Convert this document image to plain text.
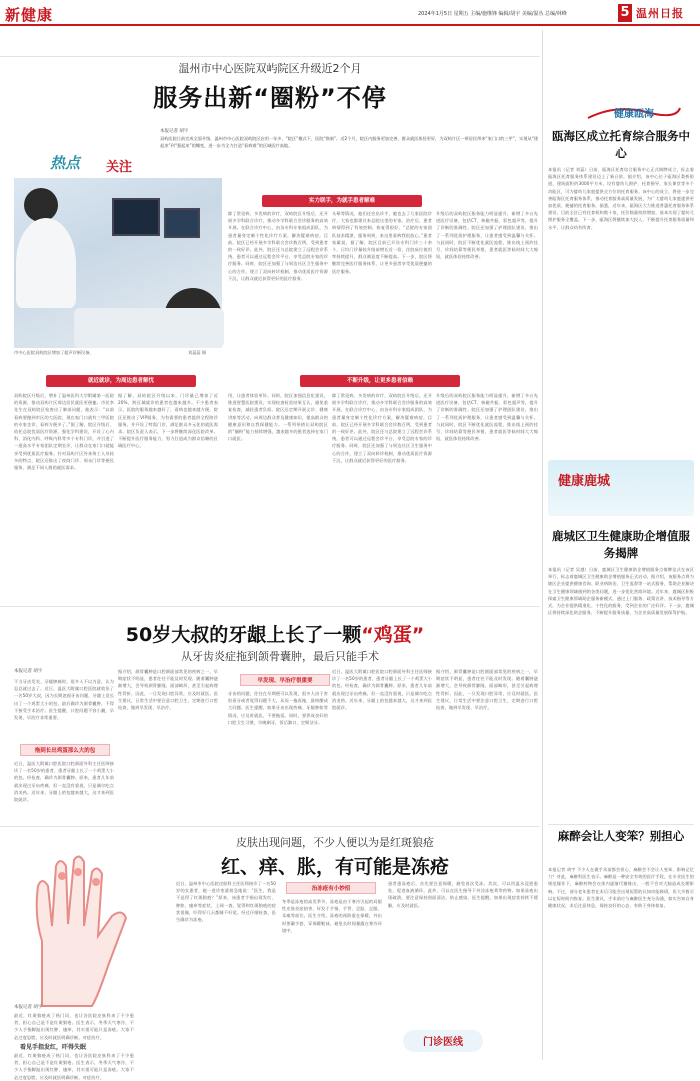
新健康	2024年1月5日 星期五 主编/施继锋 编辑/胡宇 美编/温丛 总编/林峰	5 温州日报
温州市中心医院双屿院区升级近2个月
服务出新“圈粉”不停
本报记者 胡宇
双屿医院日前完成全面升级，温州市中心医院双屿院区启用一年多，“院区”模式下，医院“换新”。近2个月，院区内服务更加完善，群众就医体验更好，为双屿片区一带居民带来“家门口的三甲”，实现从“建起来”到“强起来”的蝶变，进一步为全力打造“看病难”的区域医疗高地。
热点 关注
市中心医院双屿院区增加了超声诊断设备。	刘蕊蕊 摄
实力联手，为就手患者解难
就近就诊，为周边患者解忧	不断升级，让更多患者信赖
除了常见病、多发病的诊疗，双屿院区升级后，还开展多学科联合诊疗，推动多学科联合会诊服务的高效开展。在联合诊疗中心，由各专科专家组成团队，为患者量身定制个性化诊疗方案，解决疑难病症。目前，院区已经开展多学科联合会诊数百例，受到患者的一致好评。此外，院区还与总院建立了远程会诊系统，患者可以通过远程会诊平台，享受总院专家的诊疗服务。同时，院区还加强了与周边社区卫生服务中心的合作，建立了双向转诊机制，推动优质医疗资源下沉，让群众就近获得更好的医疗服务。
头晕等情况，他们还会出诊手，她也去了几家医院诊疗，大家也都建议来总院这里的专家。治疗后，患者病情得到了有效控制，恢复得很好。“总院的专家团队技术精湛，服务周到，来这里看病我很放心。”患者家属说。据了解，院区目前已开设专科门诊三十余个，日均门诊量较升级前增长近一倍，住院床位使用率持续提升，群众满意度不断提高。下一步，院区将继续完善医疗服务体系，让更多患者享受优质便捷的医疗服务。
升级后的双屿院区服务能力明显提升，新增了多台先进医疗设备，包括CT、核磁共振、彩色超声等，提升了诊断的准确性。院区还加强了护理团队建设，推出了一系列优质护理服务，让患者感受到温馨与关怀。与此同时，院区不断优化就医流程，推出线上预约挂号、诊间结算等便民举措，患者就医等候时间大大缩短，就医体验持续改善。
双屿院区升级后，增补了温州医科大学附属第一医院的资源，推动双屿片区周边居民就医更便捷。市民李先生在双屿院区检查出了肺部问题，他表示：“以前看病要跑到市区的大医院，现在家门口就有三甲医院的专家坐诊，看病方便多了。”据了解，院区升级后，依托总院优质医疗资源，强化学科建设，开设了心内科、消化内科、呼吸内科等多个专科门诊，并引进了一批高水平专家团队定期坐诊，让群众在家门口就能享受到优质医疗服务。针对双屿片区外来务工人员较多的特点，院区还推出了夜间门诊、周末门诊等便民服务，满足不同人群的就医需求。
据了解，双屿院区升级以来，门诊量已增加了近20%，跨区域就诊的患者也越来越多。不少患者表示，医院的服务越来越好了，看病也越来越方便。院区还推出了VIP服务，为有需要的患者提供全程陪诊服务，并开设了特需门诊，满足群众多元化的就医需求。院区负责人表示，下一步将继续深化医院改革，不断提升医疗服务能力，努力打造成为群众信赖的区域医疗中心。
用，让患者体验更好。同时，院区加强信息化建设，推进智慧医院建设，实现检查检验结果互认，避免重复检查，减轻患者负担。院区还定期开展义诊、健康讲座等活动，向周边群众普及健康知识，提高群众的健康意识和自我保健能力。一系列举措让双屿院区的“圈粉”能力持续增强，越来越多的患者选择在家门口就医。
除了常见病、多发病的诊疗，双屿院区升级后，还开展多学科联合诊疗，推动多学科联合会诊服务的高效开展。在联合诊疗中心，由各专科专家组成团队，为患者量身定制个性化诊疗方案，解决疑难病症。目前，院区已经开展多学科联合会诊数百例，受到患者的一致好评。此外，院区还与总院建立了远程会诊系统，患者可以通过远程会诊平台，享受总院专家的诊疗服务。同时，院区还加强了与周边社区卫生服务中心的合作，建立了双向转诊机制，推动优质医疗资源下沉，让群众就近获得更好的医疗服务。
升级后的双屿院区服务能力明显提升，新增了多台先进医疗设备，包括CT、核磁共振、彩色超声等，提升了诊断的准确性。院区还加强了护理团队建设，推出了一系列优质护理服务，让患者感受到温馨与关怀。与此同时，院区不断优化就医流程，推出线上预约挂号、诊间结算等便民举措，患者就医等候时间大大缩短，就医体验持续改善。
50岁大叔的牙龈上长了一颗“鸡蛋”
从牙齿炎症拖到颌骨囊肿，最后只能手术
本报记者 胡宇
不当牙齿发炎、牙龈肿痛时，很多人不以为意，认为忍忍就过去了。近日，温医大附属口腔医院就收治了一名50岁大叔，因为长期忽视牙齿问题，牙龈上竟长出了一个鸡蛋大小的包，最后确诊为颌骨囊肿，不得不接受手术治疗。医生提醒，口腔问题不容小觑，早发现、早治疗非常重要。
拖到长出鸡蛋那么大的包
近日，温医大附属口腔医院口腔颌面外科主任医师接诊了一名50岁的患者，患者牙龈上长了一个鸡蛋大小的包。经检查，确诊为颌骨囊肿。原来，患者几年前就出现过牙齿疼痛，但一直没有重视，只是偶尔吃点消炎药。近年来，牙龈上的包越来越大，这才来到医院就诊。
据介绍，颌骨囊肿是口腔颌面部常见的疾病之一，早期症状不明显，患者往往不能及时发现。随着囊肿逐渐增大，会导致颌骨膨隆、面部畸形，甚至引起病理性骨折。因此，一旦发现口腔异常，应及时就医。医生建议，日常生活中要注意口腔卫生，定期进行口腔检查，做到早发现、早治疗。
早发现、早治疗很重要
牙齿的问题，往往在早期便可以发现，很多人由于害怕看牙或者觉得问题不大，从而一拖再拖，最终酿成大问题。医生提醒，如果牙齿出现疼痛、牙龈肿胀等情况，应及时就医，不要拖延。同时，要养成良好的口腔卫生习惯，早晚刷牙，饭后漱口，定期洁牙。
近日，温医大附属口腔医院口腔颌面外科主任医师接诊了一名50岁的患者，患者牙龈上长了一个鸡蛋大小的包。经检查，确诊为颌骨囊肿。原来，患者几年前就出现过牙齿疼痛，但一直没有重视，只是偶尔吃点消炎药。近年来，牙龈上的包越来越大，这才来到医院就诊。
据介绍，颌骨囊肿是口腔颌面部常见的疾病之一，早期症状不明显，患者往往不能及时发现。随着囊肿逐渐增大，会导致颌骨膨隆、面部畸形，甚至引起病理性骨折。因此，一旦发现口腔异常，应及时就医。医生建议，日常生活中要注意口腔卫生，定期进行口腔检查，做到早发现、早治疗。
皮肤出现问题，不少人便以为是红斑狼疮
红、痒、胀，有可能是冻疮
本报记者 胡宇
最近，红斑狼疮成了热门词，也让各医院皮肤科来了不少患者，担心自己是不是红斑狼疮。医生表示，冬季天气寒冷，不少人手指脚趾出现红肿、瘙痒，其实很可能只是冻疮。大家不必过度恐慌，应及时就医明确诊断，对症治疗。
看见手指发红，吓得失眠
最近，红斑狼疮成了热门词，也让各医院皮肤科来了不少患者，担心自己是不是红斑狼疮。医生表示，冬季天气寒冷，不少人手指脚趾出现红肿、瘙痒，其实很可能只是冻疮。大家不必过度恐慌，应及时就医明确诊断，对症治疗。
近日，温州市中心医院皮肤科主任医师接诊了一名50岁的女患者，她一进诊室就着急地说：“医生，我是不是得了红斑狼疮？”原来，该患者手指出现发红、肿胀、瘙痒等症状，上网一查，觉得和红斑狼疮的症状很像，吓得好几天都睡不好觉。经过仔细检查，医生确诊为冻疮。
治冻疮有小妙招
冬季是冻疮的高发季节，冻疮是由于寒冷引起的局限性皮肤炎症损害，好发于手指、手背、足趾、足跟、耳廓等部位。医生介绍，冻疮的预防重在保暖，外出时要戴手套、穿保暖鞋袜，避免长时间暴露在寒冷环境中。
患者患冻疮后，首先要注意保暖，避免再次受冻。其次，可以用温水浸泡患处，促进血液循环。此外，可以在医生指导下外涂冻疮膏等药物。如果冻疮出现破溃，要注意保持创面清洁，防止感染。医生提醒，如果出现症状持续不缓解，应及时就医。
门诊医线
健康瓯海
瓯海区成立托育综合服务中心
本报讯（记者 刘蕊）日前，瓯海区托育综合服务中心正式揭牌成立，标志着瓯海区托育服务体系建设迈上了新台阶。据介绍，该中心位于瓯海区娄桥街道，建筑面积约3000平方米，设有婴幼儿照护、托育指导、家长课堂等多个功能区，可为婴幼儿家庭提供全方位的托育服务。该中心的成立，将进一步完善瓯海区托育服务体系，推动托育服务高质量发展，为广大婴幼儿家庭提供更加优质、便捷的托育服务。据悉，近年来，瓯海区大力推进普惠托育服务体系建设，目前全区已有托育机构数十家，托位数量持续增加，基本实现了婴幼儿照护服务全覆盖。下一步，瓯海区将继续加大投入，不断提升托育服务质量和水平，让群众幼有所育。
健康鹿城
鹿城区卫生健康助企增值服务揭牌
本报讯（记者 吴越）日前，鹿城区卫生健康助企增值服务点揭牌仪式在该区举行，标志着鹿城区卫生健康助企增值服务正式启动。据介绍，该服务点将为辖区企业提供健康咨询、职业病防治、卫生监督等一站式服务，帮助企业解决在卫生健康领域遇到的各类问题，进一步优化营商环境。近年来，鹿城区积极探索卫生健康领域助企服务新模式，通过上门服务、政策宣讲、技术指导等方式，为企业提供精准化、个性化的服务，受到企业的广泛好评。下一步，鹿城区将持续深化助企服务，不断提升服务质量，为企业高质量发展保驾护航。
麻醉会让人变笨？别担心
本报记者 胡宇 不少人在做手术前都会担心，麻醉会不会让人变笨、影响记忆力？对此，麻醉科医生表示，麻醉是一种安全有效的医疗手段，在专业医生的规范操作下，麻醉药物会在体内逐渐代谢排出，一般不会对大脑造成长期影响。不过，部分老年患者在术后可能会出现短暂的认知功能障碍，但大多数可以在短时间内恢复。医生建议，手术前应与麻醉医生充分沟通，如实告知自身健康状况，术后注意休息，保持良好的心态，有助于身体恢复。
